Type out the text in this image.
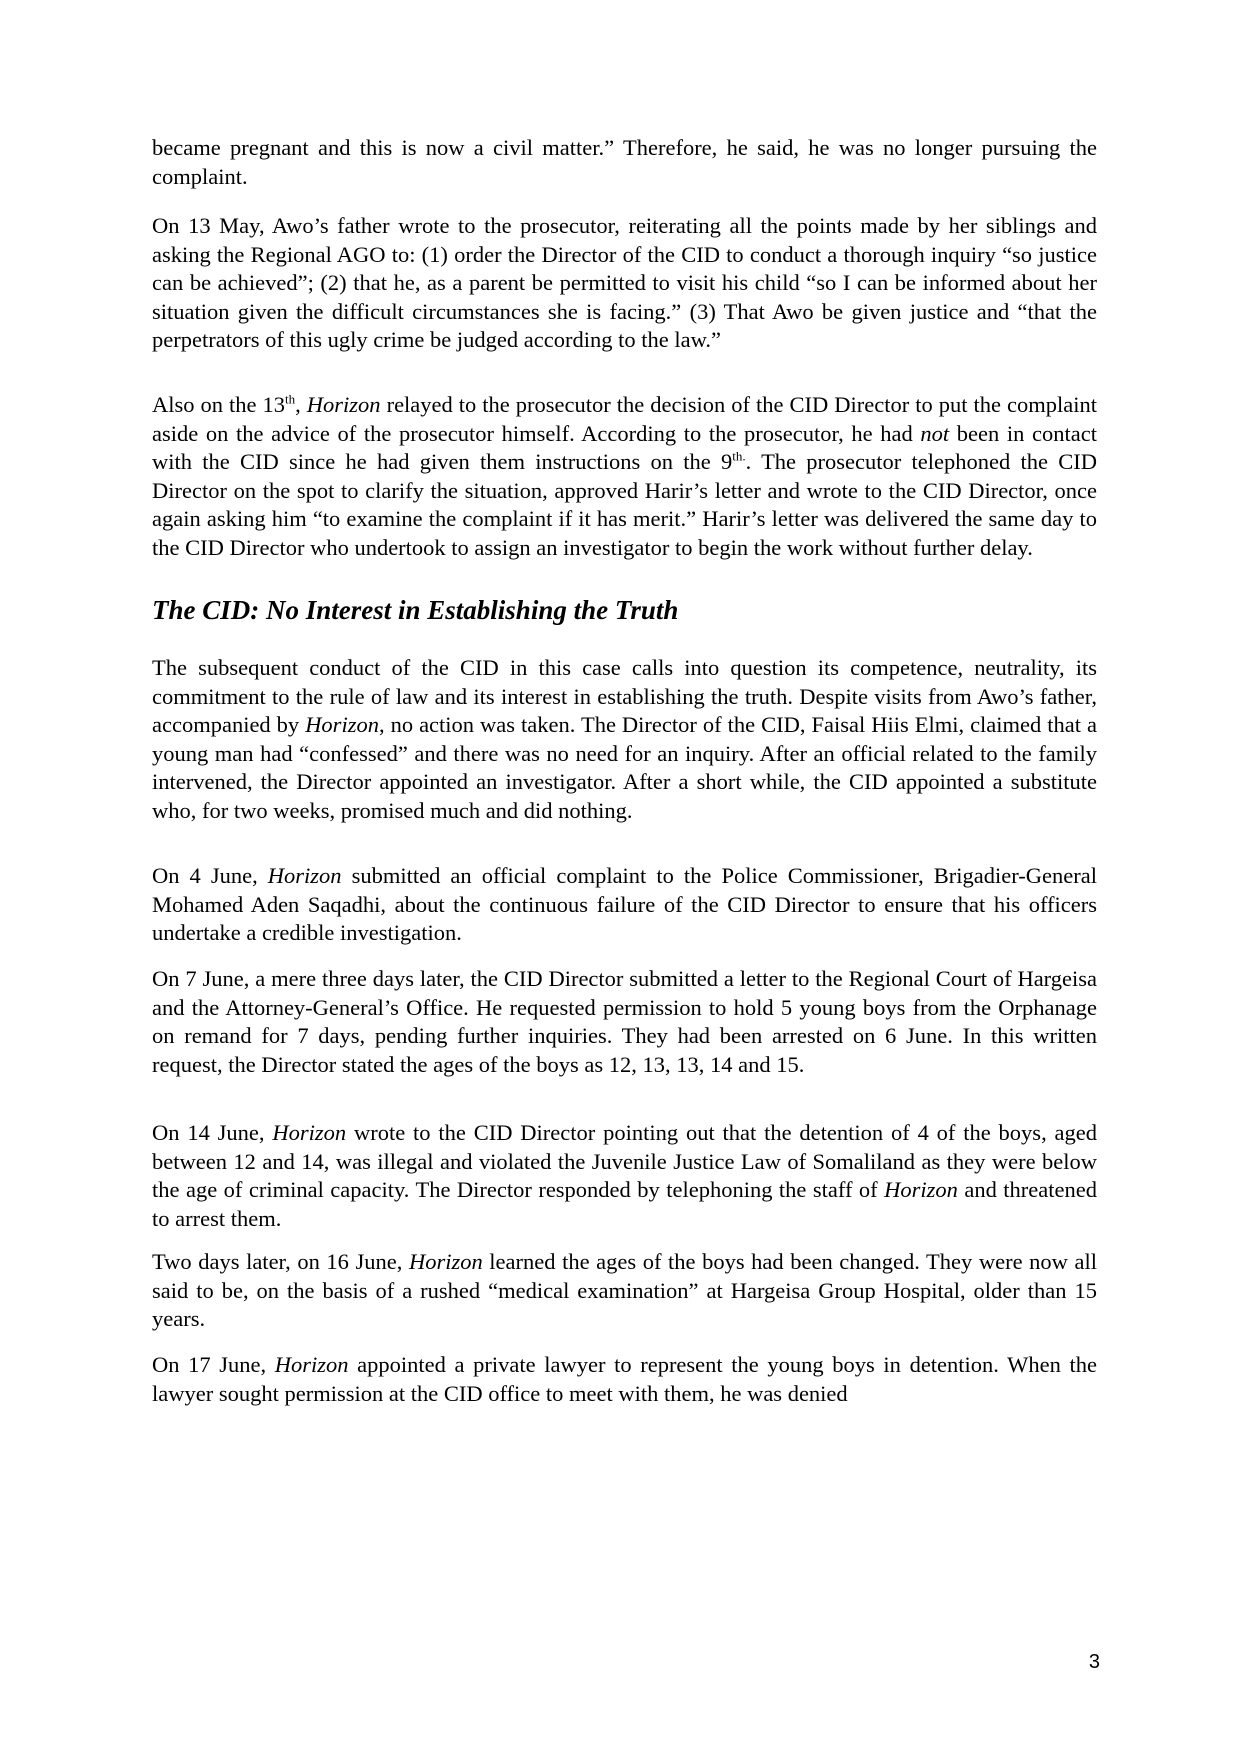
became pregnant and this is now a civil matter.” Therefore, he said, he was no longer pursuing the complaint.

On 13 May, Awo’s father wrote to the prosecutor, reiterating all the points made by her siblings and asking the Regional AGO to: (1) order the Director of the CID to conduct a thorough inquiry “so justice can be achieved”; (2) that he, as a parent be permitted to visit his child “so I can be informed about her situation given the difficult circumstances she is facing.” (3) That Awo be given justice and “that the perpetrators of this ugly crime be judged according to the law.”

Also on the 13th, Horizon relayed to the prosecutor the decision of the CID Director to put the complaint aside on the advice of the prosecutor himself. According to the prosecutor, he had not been in contact with the CID since he had given them instructions on the $9^{th.}$. The prosecutor telephoned the CID Director on the spot to clarify the situation, approved Harir’s letter and wrote to the CID Director, once again asking him “to examine the complaint if it has merit.” Harir’s letter was delivered the same day to the CID Director who undertook to assign an investigator to begin the work without further delay.

The CID: No Interest in Establishing the Truth

The subsequent conduct of the CID in this case calls into question its competence, neutrality, its commitment to the rule of law and its interest in establishing the truth. Despite visits from Awo’s father, accompanied by Horizon, no action was taken. The Director of the CID, Faisal Hiis Elmi, claimed that a young man had “confessed” and there was no need for an inquiry. After an official related to the family intervened, the Director appointed an investigator. After a short while, the CID appointed a substitute who, for two weeks, promised much and did nothing.

On 4 June, Horizon submitted an official complaint to the Police Commissioner, Brigadier-General Mohamed Aden Saqadhi, about the continuous failure of the CID Director to ensure that his officers undertake a credible investigation.

On 7 June, a mere three days later, the CID Director submitted a letter to the Regional Court of Hargeisa and the Attorney-General’s Office. He requested permission to hold 5 young boys from the Orphanage on remand for 7 days, pending further inquiries. They had been arrested on 6 June. In this written request, the Director stated the ages of the boys as 12, 13, 13, 14 and 15.

On 14 June, Horizon wrote to the CID Director pointing out that the detention of 4 of the boys, aged between 12 and 14, was illegal and violated the Juvenile Justice Law of Somaliland as they were below the age of criminal capacity. The Director responded by telephoning the staff of Horizon and threatened to arrest them.

Two days later, on 16 June, Horizon learned the ages of the boys had been changed. They were now all said to be, on the basis of a rushed “medical examination” at Hargeisa Group Hospital, older than 15 years.

On 17 June, Horizon appointed a private lawyer to represent the young boys in detention. When the lawyer sought permission at the CID office to meet with them, he was denied

3
